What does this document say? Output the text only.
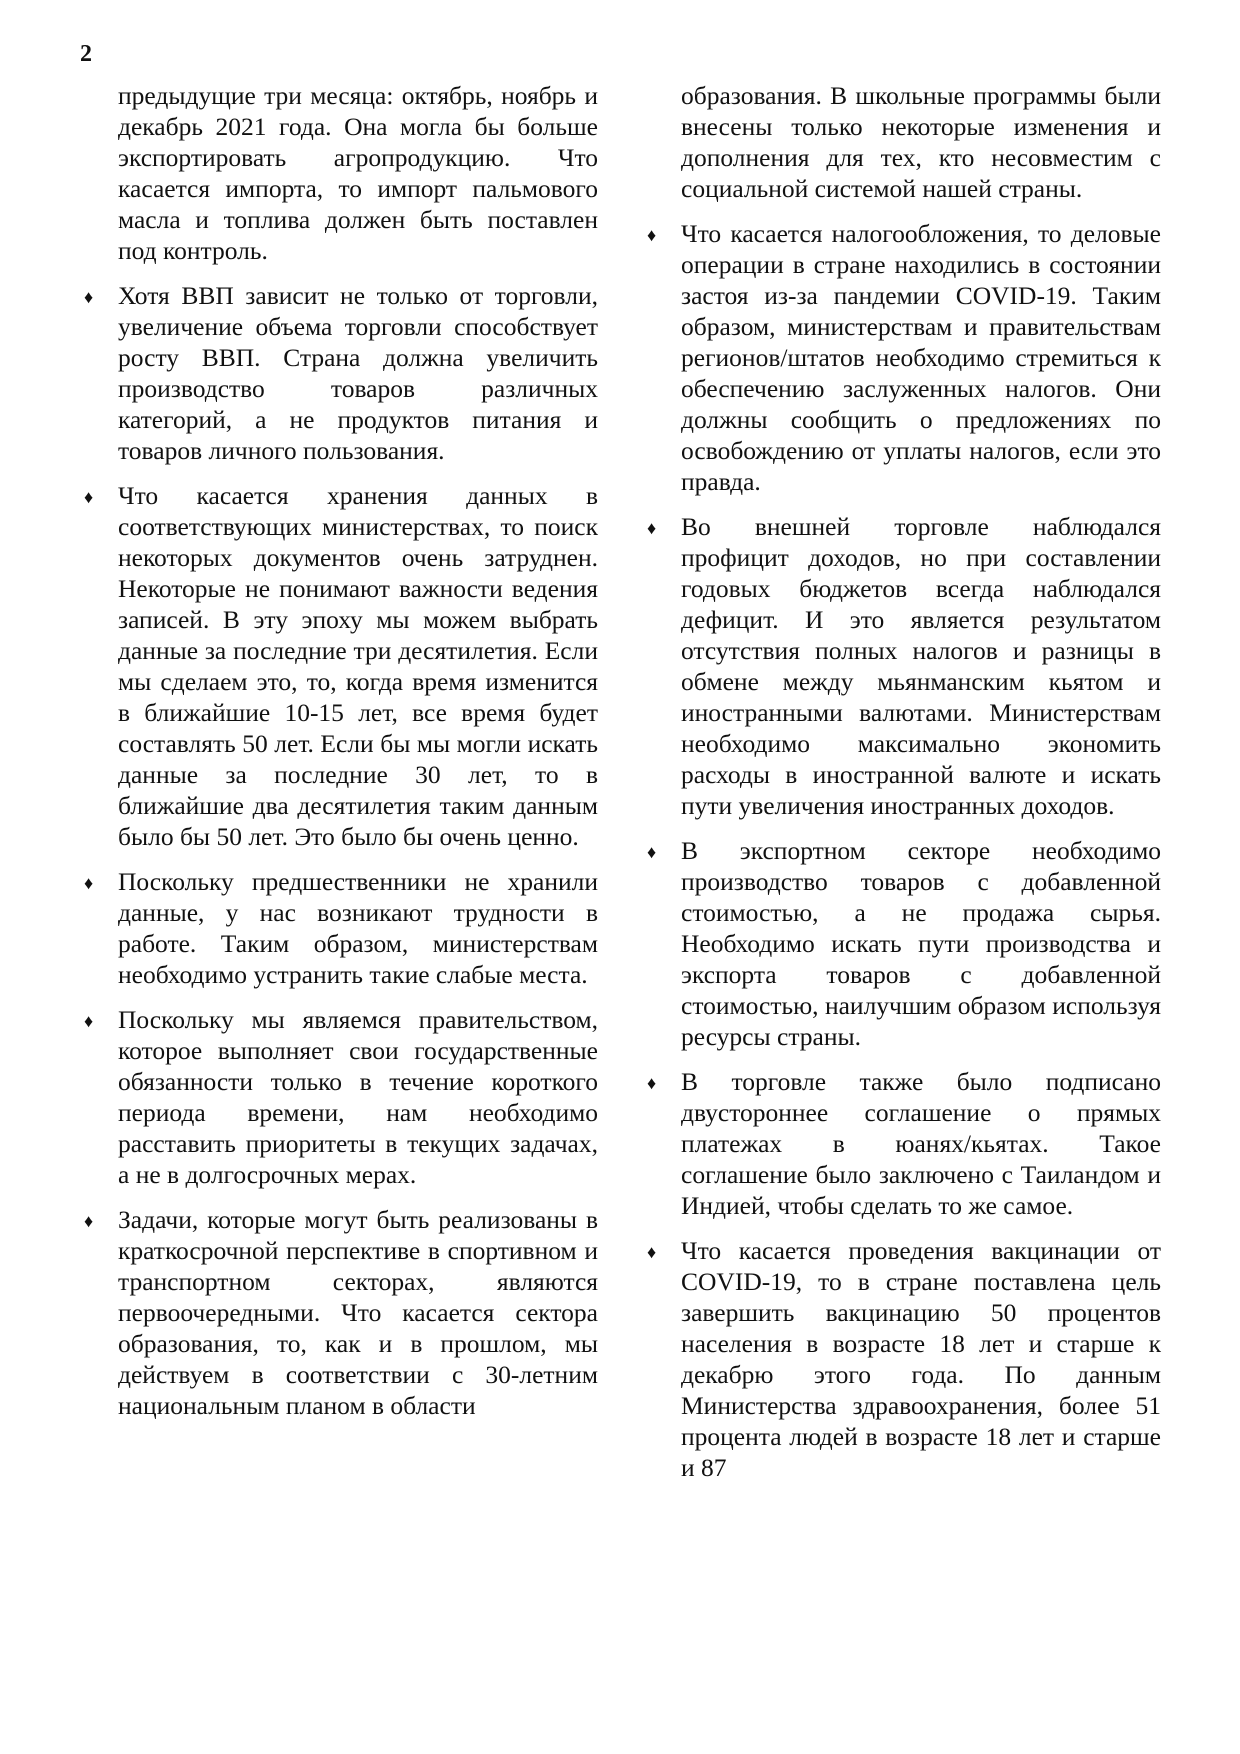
2

предыдущие три месяца: октябрь, ноябрь и декабрь 2021 года. Она могла бы больше экспортировать агропродукцию. Что касается импорта, то импорт пальмового масла и топлива должен быть поставлен под контроль.

♦ Хотя ВВП зависит не только от торговли, увеличение объема торговли способствует росту ВВП. Страна должна увеличить производство товаров различных категорий, а не продуктов питания и товаров личного пользования.

♦ Что касается хранения данных в соответствующих министерствах, то поиск некоторых документов очень затруднен. Некоторые не понимают важности ведения записей. В эту эпоху мы можем выбрать данные за последние три десятилетия. Если мы сделаем это, то, когда время изменится в ближайшие 10-15 лет, все время будет составлять 50 лет. Если бы мы могли искать данные за последние 30 лет, то в ближайшие два десятилетия таким данным было бы 50 лет. Это было бы очень ценно.

♦ Поскольку предшественники не хранили данные, у нас возникают трудности в работе. Таким образом, министерствам необходимо устранить такие слабые места.

♦ Поскольку мы являемся правительством, которое выполняет свои государственные обязанности только в течение короткого периода времени, нам необходимо расставить приоритеты в текущих задачах, а не в долгосрочных мерах.

♦ Задачи, которые могут быть реализованы в краткосрочной перспективе в спортивном и транспортном секторах, являются первоочередными. Что касается сектора образования, то, как и в прошлом, мы действуем в соответствии с 30-летним национальным планом в области

образования. В школьные программы были внесены только некоторые изменения и дополнения для тех, кто несовместим с социальной системой нашей страны.

♦ Что касается налогообложения, то деловые операции в стране находились в состоянии застоя из-за пандемии COVID-19. Таким образом, министерствам и правительствам регионов/штатов необходимо стремиться к обеспечению заслуженных налогов. Они должны сообщить о предложениях по освобождению от уплаты налогов, если это правда.

♦ Во внешней торговле наблюдался профицит доходов, но при составлении годовых бюджетов всегда наблюдался дефицит. И это является результатом отсутствия полных налогов и разницы в обмене между мьянманским кьятом и иностранными валютами. Министерствам необходимо максимально экономить расходы в иностранной валюте и искать пути увеличения иностранных доходов.

♦ В экспортном секторе необходимо производство товаров с добавленной стоимостью, а не продажа сырья. Необходимо искать пути производства и экспорта товаров с добавленной стоимостью, наилучшим образом используя ресурсы страны.

♦ В торговле также было подписано двустороннее соглашение о прямых платежах в юанях/кьятах. Такое соглашение было заключено с Таиландом и Индией, чтобы сделать то же самое.

♦ Что касается проведения вакцинации от COVID-19, то в стране поставлена цель завершить вакцинацию 50 процентов населения в возрасте 18 лет и старше к декабрю этого года. По данным Министерства здравоохранения, более 51 процента людей в возрасте 18 лет и старше и 87
